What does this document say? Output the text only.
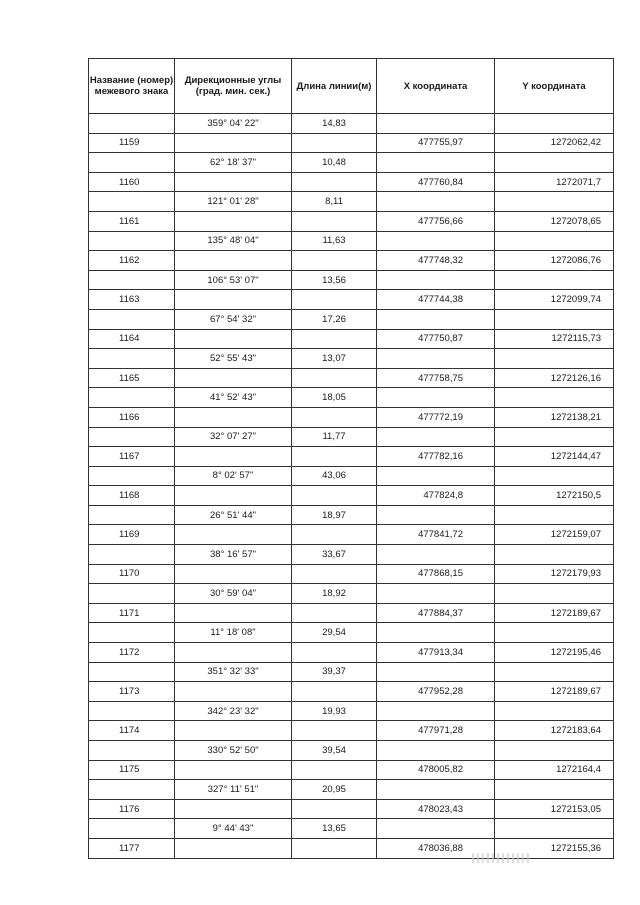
Название (номер) межевого знака	Дирекционные углы (град. мин. сек.)	Длина линии(м)	X координата	Y координата
	359° 04' 22"	14,83		
1159			477755,97	1272062,42
	62° 18' 37"	10,48		
1160			477760,84	1272071,7
	121° 01' 28"	8,11		
1161			477756,66	1272078,65
	135° 48' 04"	11,63		
1162			477748,32	1272086,76
	106° 53' 07"	13,56		
1163			477744,38	1272099,74
	67° 54' 32"	17,26		
1164			477750,87	1272115,73
	52° 55' 43"	13,07		
1165			477758,75	1272126,16
	41° 52' 43"	18,05		
1166			477772,19	1272138,21
	32° 07' 27"	11,77		
1167			477782,16	1272144,47
	8° 02' 57"	43,06		
1168			477824,8	1272150,5
	26° 51' 44"	18,97		
1169			477841,72	1272159,07
	38° 16' 57"	33,67		
1170			477868,15	1272179,93
	30° 59' 04"	18,92		
1171			477884,37	1272189,67
	11° 18' 08"	29,54		
1172			477913,34	1272195,46
	351° 32' 33"	39,37		
1173			477952,28	1272189,67
	342° 23' 32"	19,93		
1174			477971,28	1272183,64
	330° 52' 50"	39,54		
1175			478005,82	1272164,4
	327° 11' 51"	20,95		
1176			478023,43	1272153,05
	9° 44' 43"	13,65		
1177			478036,88	1272155,36
